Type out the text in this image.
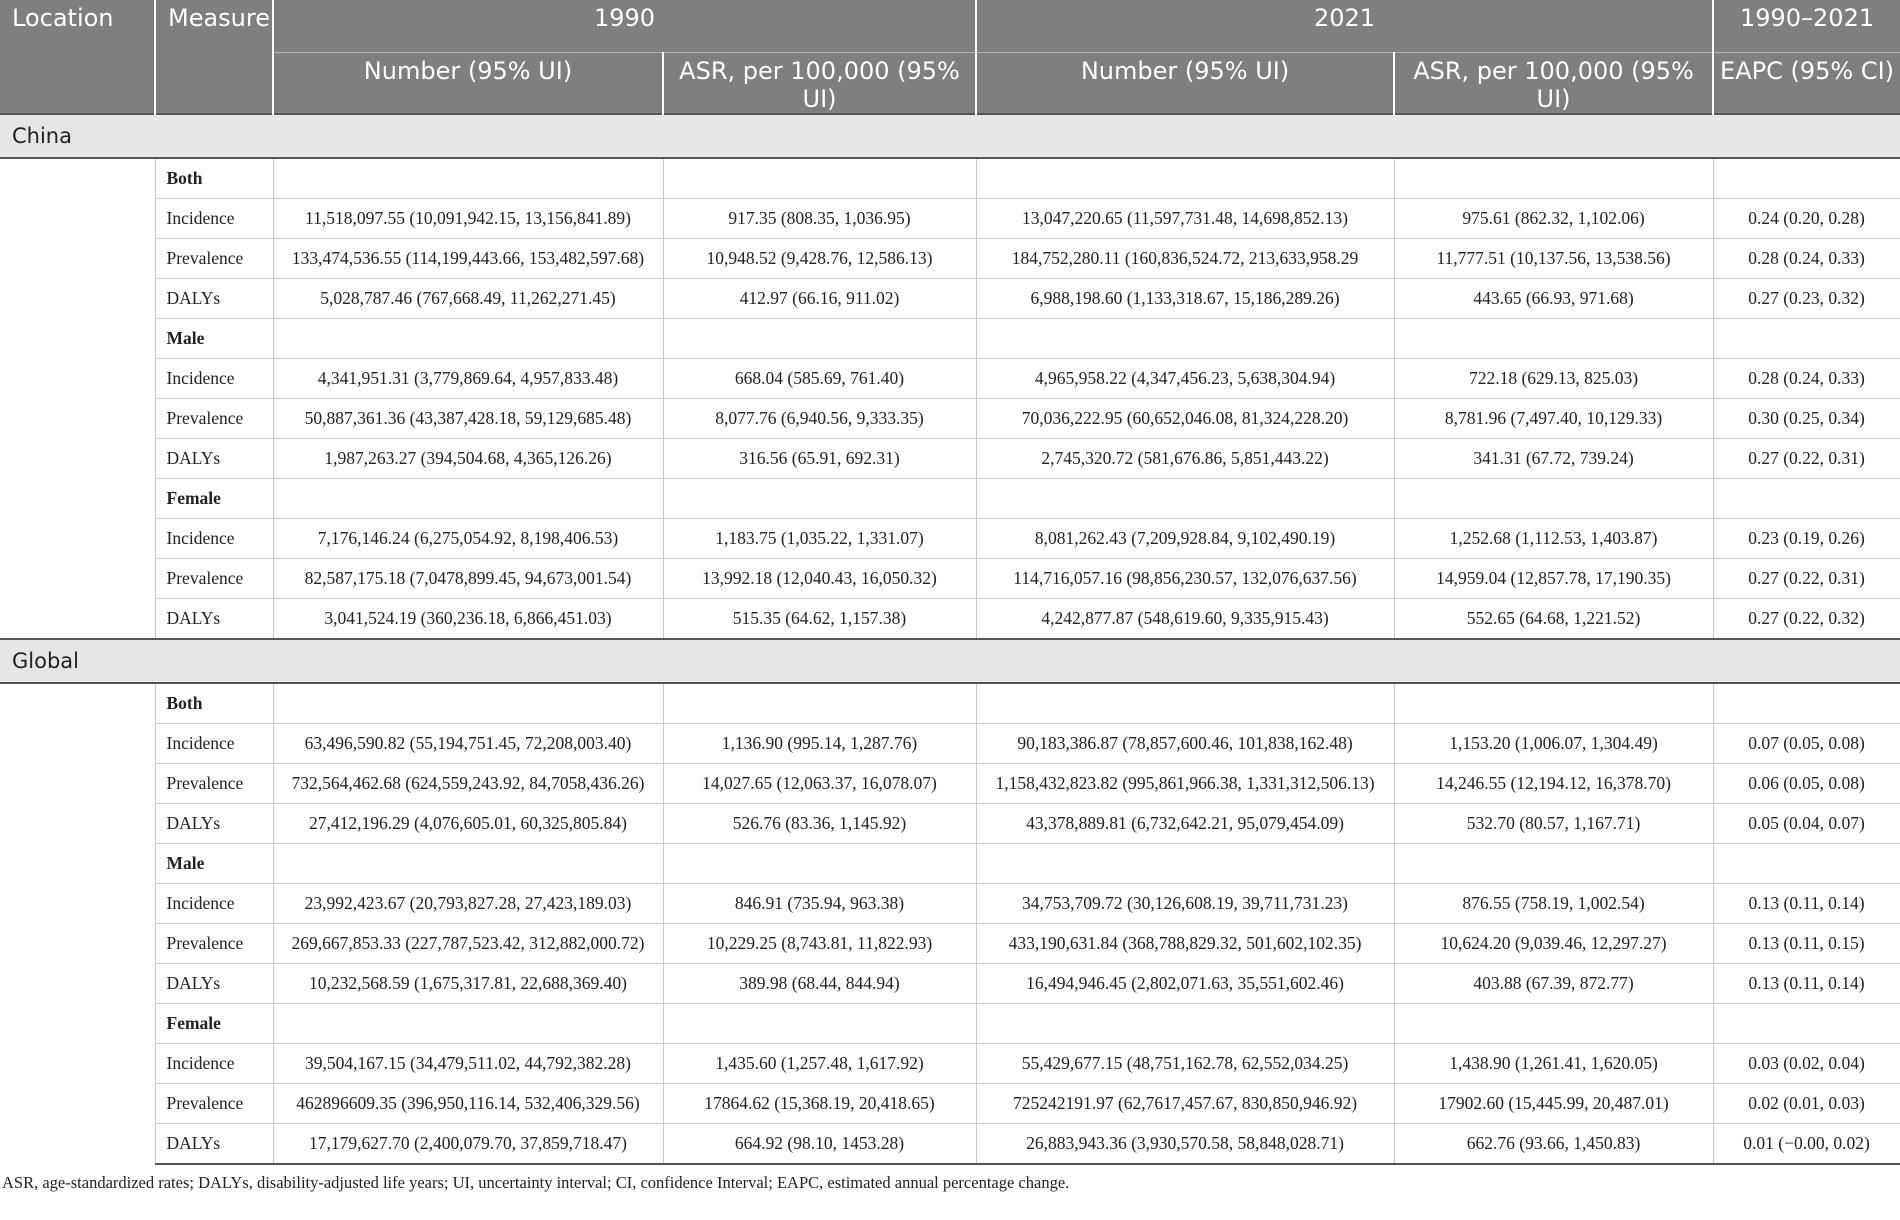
Location	Measure	1990		2021		1990–2021
		Number (95% UI)	ASR, per 100,000 (95% UI)	Number (95% UI)	ASR, per 100,000 (95% UI)	EAPC (95% CI)
China						
	Both					
	Incidence	11,518,097.55 (10,091,942.15, 13,156,841.89)	917.35 (808.35, 1,036.95)	13,047,220.65 (11,597,731.48, 14,698,852.13)	975.61 (862.32, 1,102.06)	0.24 (0.20, 0.28)
	Prevalence	133,474,536.55 (114,199,443.66, 153,482,597.68)	10,948.52 (9,428.76, 12,586.13)	184,752,280.11 (160,836,524.72, 213,633,958.29	11,777.51 (10,137.56, 13,538.56)	0.28 (0.24, 0.33)
	DALYs	5,028,787.46 (767,668.49, 11,262,271.45)	412.97 (66.16, 911.02)	6,988,198.60 (1,133,318.67, 15,186,289.26)	443.65 (66.93, 971.68)	0.27 (0.23, 0.32)
	Male					
	Incidence	4,341,951.31 (3,779,869.64, 4,957,833.48)	668.04 (585.69, 761.40)	4,965,958.22 (4,347,456.23, 5,638,304.94)	722.18 (629.13, 825.03)	0.28 (0.24, 0.33)
	Prevalence	50,887,361.36 (43,387,428.18, 59,129,685.48)	8,077.76 (6,940.56, 9,333.35)	70,036,222.95 (60,652,046.08, 81,324,228.20)	8,781.96 (7,497.40, 10,129.33)	0.30 (0.25, 0.34)
	DALYs	1,987,263.27 (394,504.68, 4,365,126.26)	316.56 (65.91, 692.31)	2,745,320.72 (581,676.86, 5,851,443.22)	341.31 (67.72, 739.24)	0.27 (0.22, 0.31)
	Female					
	Incidence	7,176,146.24 (6,275,054.92, 8,198,406.53)	1,183.75 (1,035.22, 1,331.07)	8,081,262.43 (7,209,928.84, 9,102,490.19)	1,252.68 (1,112.53, 1,403.87)	0.23 (0.19, 0.26)
	Prevalence	82,587,175.18 (7,0478,899.45, 94,673,001.54)	13,992.18 (12,040.43, 16,050.32)	114,716,057.16 (98,856,230.57, 132,076,637.56)	14,959.04 (12,857.78, 17,190.35)	0.27 (0.22, 0.31)
	DALYs	3,041,524.19 (360,236.18, 6,866,451.03)	515.35 (64.62, 1,157.38)	4,242,877.87 (548,619.60, 9,335,915.43)	552.65 (64.68, 1,221.52)	0.27 (0.22, 0.32)
Global						
	Both					
	Incidence	63,496,590.82 (55,194,751.45, 72,208,003.40)	1,136.90 (995.14, 1,287.76)	90,183,386.87 (78,857,600.46, 101,838,162.48)	1,153.20 (1,006.07, 1,304.49)	0.07 (0.05, 0.08)
	Prevalence	732,564,462.68 (624,559,243.92, 84,7058,436.26)	14,027.65 (12,063.37, 16,078.07)	1,158,432,823.82 (995,861,966.38, 1,331,312,506.13)	14,246.55 (12,194.12, 16,378.70)	0.06 (0.05, 0.08)
	DALYs	27,412,196.29 (4,076,605.01, 60,325,805.84)	526.76 (83.36, 1,145.92)	43,378,889.81 (6,732,642.21, 95,079,454.09)	532.70 (80.57, 1,167.71)	0.05 (0.04, 0.07)
	Male					
	Incidence	23,992,423.67 (20,793,827.28, 27,423,189.03)	846.91 (735.94, 963.38)	34,753,709.72 (30,126,608.19, 39,711,731.23)	876.55 (758.19, 1,002.54)	0.13 (0.11, 0.14)
	Prevalence	269,667,853.33 (227,787,523.42, 312,882,000.72)	10,229.25 (8,743.81, 11,822.93)	433,190,631.84 (368,788,829.32, 501,602,102.35)	10,624.20 (9,039.46, 12,297.27)	0.13 (0.11, 0.15)
	DALYs	10,232,568.59 (1,675,317.81, 22,688,369.40)	389.98 (68.44, 844.94)	16,494,946.45 (2,802,071.63, 35,551,602.46)	403.88 (67.39, 872.77)	0.13 (0.11, 0.14)
	Female					
	Incidence	39,504,167.15 (34,479,511.02, 44,792,382.28)	1,435.60 (1,257.48, 1,617.92)	55,429,677.15 (48,751,162.78, 62,552,034.25)	1,438.90 (1,261.41, 1,620.05)	0.03 (0.02, 0.04)
	Prevalence	462896609.35 (396,950,116.14, 532,406,329.56)	17864.62 (15,368.19, 20,418.65)	725242191.97 (62,7617,457.67, 830,850,946.92)	17902.60 (15,445.99, 20,487.01)	0.02 (0.01, 0.03)
	DALYs	17,179,627.70 (2,400,079.70, 37,859,718.47)	664.92 (98.10, 1453.28)	26,883,943.36 (3,930,570.58, 58,848,028.71)	662.76 (93.66, 1,450.83)	0.01 (−0.00, 0.02)
ASR, age-standardized rates; DALYs, disability-adjusted life years; UI, uncertainty interval; CI, confidence Interval; EAPC, estimated annual percentage change.
